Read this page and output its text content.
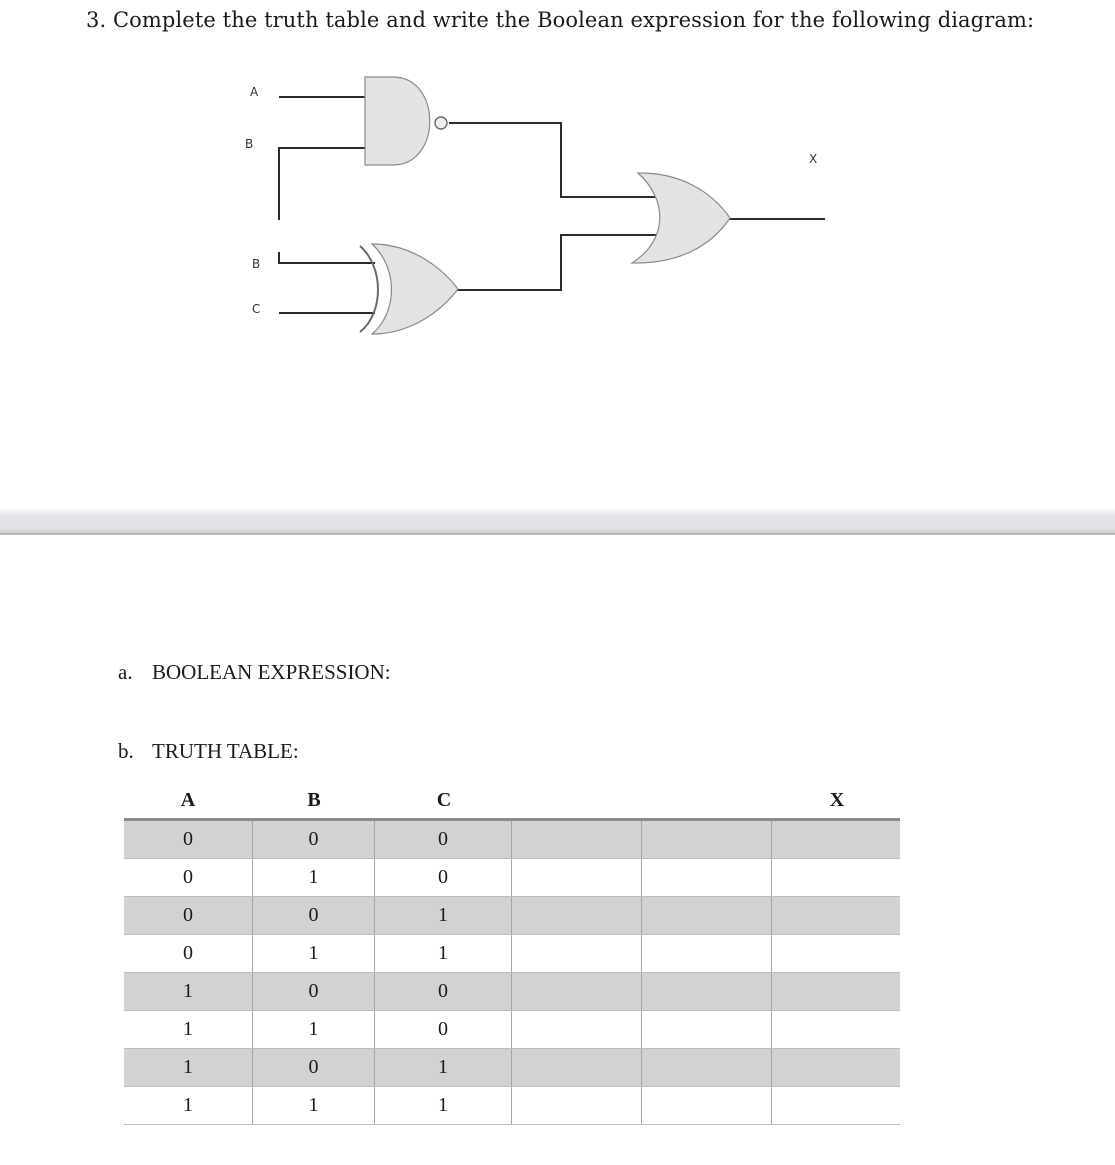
3. Complete the truth table and write the Boolean expression for the following diagram:
A
B
B
C
X
a. BOOLEAN EXPRESSION:
b. TRUTH TABLE:
A	B	C	X
0	0	0			
0	1	0			
0	0	1			
0	1	1			
1	0	0			
1	1	0			
1	0	1			
1	1	1			
